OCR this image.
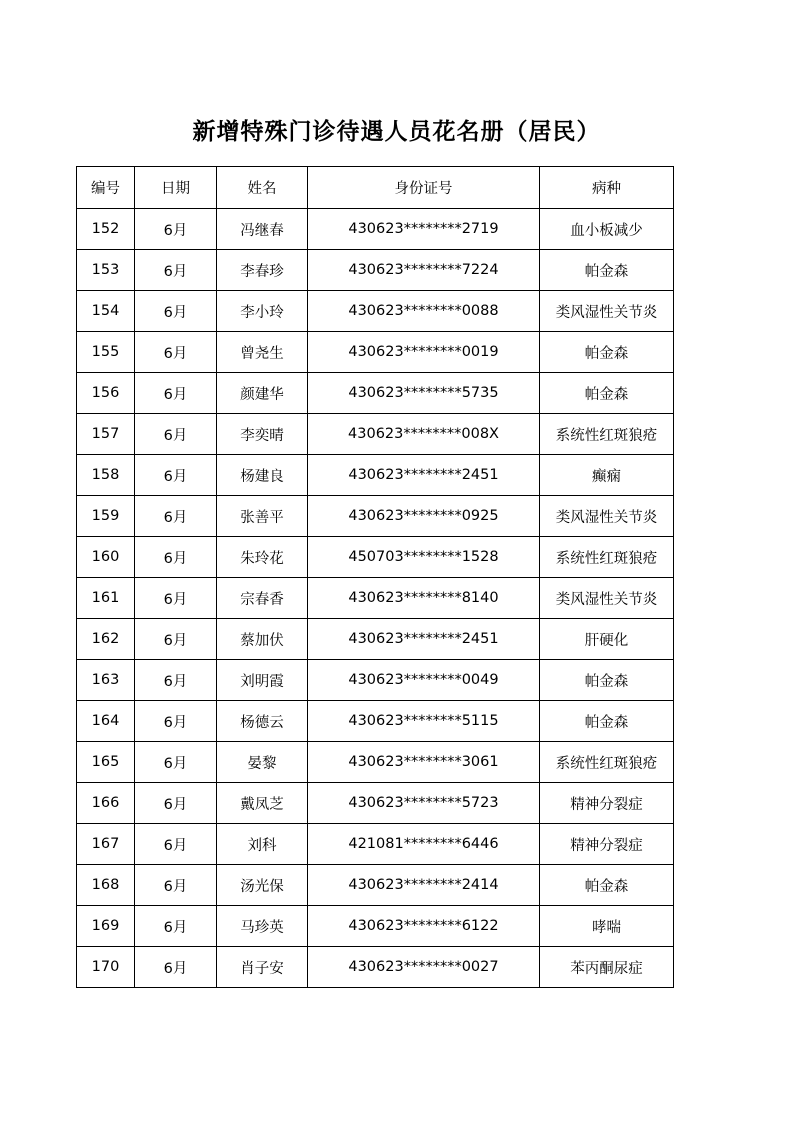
新增特殊门诊待遇人员花名册（居民）
编号	日期	姓名	身份证号	病种
152	6月	冯继春	430623********2719	血小板减少
153	6月	李春珍	430623********7224	帕金森
154	6月	李小玲	430623********0088	类风湿性关节炎
155	6月	曾尧生	430623********0019	帕金森
156	6月	颜建华	430623********5735	帕金森
157	6月	李奕晴	430623********008X	系统性红斑狼疮
158	6月	杨建良	430623********2451	癫痫
159	6月	张善平	430623********0925	类风湿性关节炎
160	6月	朱玲花	450703********1528	系统性红斑狼疮
161	6月	宗春香	430623********8140	类风湿性关节炎
162	6月	蔡加伏	430623********2451	肝硬化
163	6月	刘明霞	430623********0049	帕金森
164	6月	杨德云	430623********5115	帕金森
165	6月	晏黎	430623********3061	系统性红斑狼疮
166	6月	戴凤芝	430623********5723	精神分裂症
167	6月	刘科	421081********6446	精神分裂症
168	6月	汤光保	430623********2414	帕金森
169	6月	马珍英	430623********6122	哮喘
170	6月	肖子安	430623********0027	苯丙酮尿症
